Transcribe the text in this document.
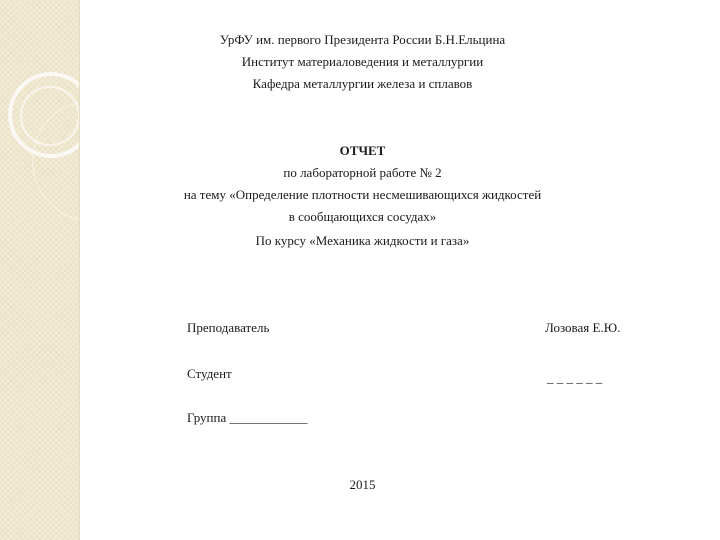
УрФУ им. первого Президента России Б.Н.Ельцина
Институт материаловедения и металлургии
Кафедра металлургии железа и сплавов
ОТЧЕТ
по лабораторной работе № 2
на тему «Определение плотности несмешивающихся жидкостей
в сообщающихся сосудах»
По курсу «Механика жидкости и газа»
Преподаватель	Лозовая Е.Ю.
Студент	_ _ _ _ _ _
Группа ____________
2015
